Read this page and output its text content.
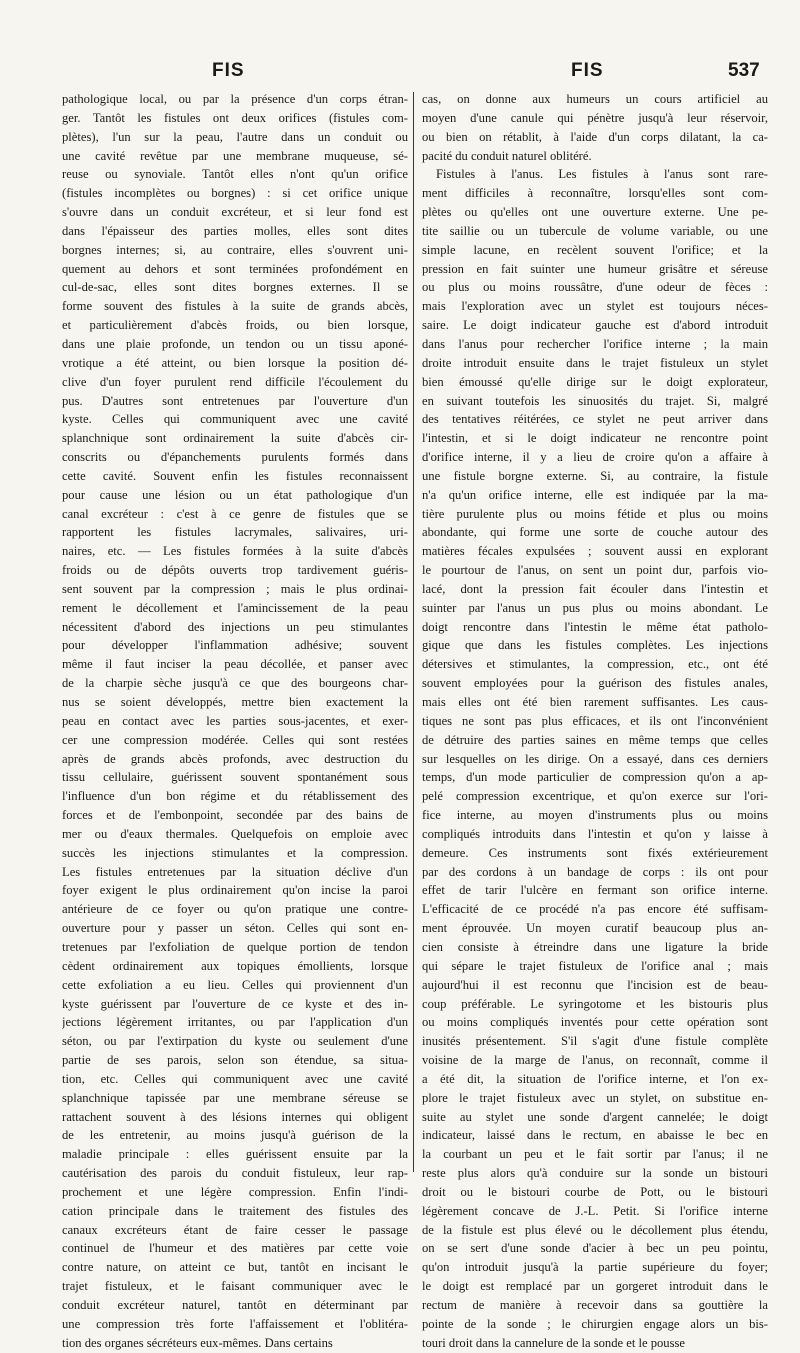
FIS	FIS	537
pathologique local, ou par la présence d'un corps étran-
ger. Tantôt les fistules ont deux orifices (fistules com-
plètes), l'un sur la peau, l'autre dans un conduit ou
une cavité revêtue par une membrane muqueuse, sé-
reuse ou synoviale. Tantôt elles n'ont qu'un orifice
(fistules incomplètes ou borgnes) : si cet orifice unique
s'ouvre dans un conduit excréteur, et si leur fond est
dans l'épaisseur des parties molles, elles sont dites
borgnes internes; si, au contraire, elles s'ouvrent uni-
quement au dehors et sont terminées profondément en
cul-de-sac, elles sont dites borgnes externes. Il se
forme souvent des fistules à la suite de grands abcès,
et particulièrement d'abcès froids, ou bien lorsque,
dans une plaie profonde, un tendon ou un tissu aponé-
vrotique a été atteint, ou bien lorsque la position dé-
clive d'un foyer purulent rend difficile l'écoulement du
pus. D'autres sont entretenues par l'ouverture d'un
kyste. Celles qui communiquent avec une cavité
splanchnique sont ordinairement la suite d'abcès cir-
conscrits ou d'épanchements purulents formés dans
cette cavité. Souvent enfin les fistules reconnaissent
pour cause une lésion ou un état pathologique d'un
canal excréteur : c'est à ce genre de fistules que se
rapportent les fistules lacrymales, salivaires, uri-
naires, etc. — Les fistules formées à la suite d'abcès
froids ou de dépôts ouverts trop tardivement guéris-
sent souvent par la compression ; mais le plus ordinai-
rement le décollement et l'amincissement de la peau
nécessitent d'abord des injections un peu stimulantes
pour développer l'inflammation adhésive; souvent
même il faut inciser la peau décollée, et panser avec
de la charpie sèche jusqu'à ce que des bourgeons char-
nus se soient développés, mettre bien exactement la
peau en contact avec les parties sous-jacentes, et exer-
cer une compression modérée. Celles qui sont restées
après de grands abcès profonds, avec destruction du
tissu cellulaire, guérissent souvent spontanément sous
l'influence d'un bon régime et du rétablissement des
forces et de l'embonpoint, secondée par des bains de
mer ou d'eaux thermales. Quelquefois on emploie avec
succès les injections stimulantes et la compression.
Les fistules entretenues par la situation déclive d'un
foyer exigent le plus ordinairement qu'on incise la paroi
antérieure de ce foyer ou qu'on pratique une contre-
ouverture pour y passer un séton. Celles qui sont en-
tretenues par l'exfoliation de quelque portion de tendon
cèdent ordinairement aux topiques émollients, lorsque
cette exfoliation a eu lieu. Celles qui proviennent d'un
kyste guérissent par l'ouverture de ce kyste et des in-
jections légèrement irritantes, ou par l'application d'un
séton, ou par l'extirpation du kyste ou seulement d'une
partie de ses parois, selon son étendue, sa situa-
tion, etc. Celles qui communiquent avec une cavité
splanchnique tapissée par une membrane séreuse se
rattachent souvent à des lésions internes qui obligent
de les entretenir, au moins jusqu'à guérison de la
maladie principale : elles guérissent ensuite par la
cautérisation des parois du conduit fistuleux, leur rap-
prochement et une légère compression. Enfin l'indi-
cation principale dans le traitement des fistules des
canaux excréteurs étant de faire cesser le passage
continuel de l'humeur et des matières par cette voie
contre nature, on atteint ce but, tantôt en incisant le
trajet fistuleux, et le faisant communiquer avec le
conduit excréteur naturel, tantôt en déterminant par
une compression très forte l'affaissement et l'oblitéra-
tion des organes sécréteurs eux-mêmes. Dans certains
cas, on donne aux humeurs un cours artificiel au
moyen d'une canule qui pénètre jusqu'à leur réservoir,
ou bien on rétablit, à l'aide d'un corps dilatant, la ca-
pacité du conduit naturel oblitéré.
Fistules à l'anus. Les fistules à l'anus sont rare-
ment difficiles à reconnaître, lorsqu'elles sont com-
plètes ou qu'elles ont une ouverture externe. Une pe-
tite saillie ou un tubercule de volume variable, ou une
simple lacune, en recèlent souvent l'orifice; et la
pression en fait suinter une humeur grisâtre et séreuse
ou plus ou moins roussâtre, d'une odeur de fèces :
mais l'exploration avec un stylet est toujours néces-
saire. Le doigt indicateur gauche est d'abord introduit
dans l'anus pour rechercher l'orifice interne ; la main
droite introduit ensuite dans le trajet fistuleux un stylet
bien émoussé qu'elle dirige sur le doigt explorateur,
en suivant toutefois les sinuosités du trajet. Si, malgré
des tentatives réitérées, ce stylet ne peut arriver dans
l'intestin, et si le doigt indicateur ne rencontre point
d'orifice interne, il y a lieu de croire qu'on a affaire à
une fistule borgne externe. Si, au contraire, la fistule
n'a qu'un orifice interne, elle est indiquée par la ma-
tière purulente plus ou moins fétide et plus ou moins
abondante, qui forme une sorte de couche autour des
matières fécales expulsées ; souvent aussi en explorant
le pourtour de l'anus, on sent un point dur, parfois vio-
lacé, dont la pression fait écouler dans l'intestin et
suinter par l'anus un pus plus ou moins abondant. Le
doigt rencontre dans l'intestin le même état patholo-
gique que dans les fistules complètes. Les injections
détersives et stimulantes, la compression, etc., ont été
souvent employées pour la guérison des fistules anales,
mais elles ont été bien rarement suffisantes. Les caus-
tiques ne sont pas plus efficaces, et ils ont l'inconvénient
de détruire des parties saines en même temps que celles
sur lesquelles on les dirige. On a essayé, dans ces derniers
temps, d'un mode particulier de compression qu'on a ap-
pelé compression excentrique, et qu'on exerce sur l'ori-
fice interne, au moyen d'instruments plus ou moins
compliqués introduits dans l'intestin et qu'on y laisse à
demeure. Ces instruments sont fixés extérieurement
par des cordons à un bandage de corps : ils ont pour
effet de tarir l'ulcère en fermant son orifice interne.
L'efficacité de ce procédé n'a pas encore été suffisam-
ment éprouvée. Un moyen curatif beaucoup plus an-
cien consiste à étreindre dans une ligature la bride
qui sépare le trajet fistuleux de l'orifice anal ; mais
aujourd'hui il est reconnu que l'incision est de beau-
coup préférable. Le syringotome et les bistouris plus
ou moins compliqués inventés pour cette opération sont
inusités présentement. S'il s'agit d'une fistule complète
voisine de la marge de l'anus, on reconnaît, comme il
a été dit, la situation de l'orifice interne, et l'on ex-
plore le trajet fistuleux avec un stylet, on substitue en-
suite au stylet une sonde d'argent cannelée; le doigt
indicateur, laissé dans le rectum, en abaisse le bec en
la courbant un peu et le fait sortir par l'anus; il ne
reste plus alors qu'à conduire sur la sonde un bistouri
droit ou le bistouri courbe de Pott, ou le bistouri
légèrement concave de J.-L. Petit. Si l'orifice interne
de la fistule est plus élevé ou le décollement plus étendu,
on se sert d'une sonde d'acier à bec un peu pointu,
qu'on introduit jusqu'à la partie supérieure du foyer;
le doigt est remplacé par un gorgeret introduit dans le
rectum de manière à recevoir dans sa gouttière la
pointe de la sonde ; le chirurgien engage alors un bis-
touri droit dans la cannelure de la sonde et le pousse
